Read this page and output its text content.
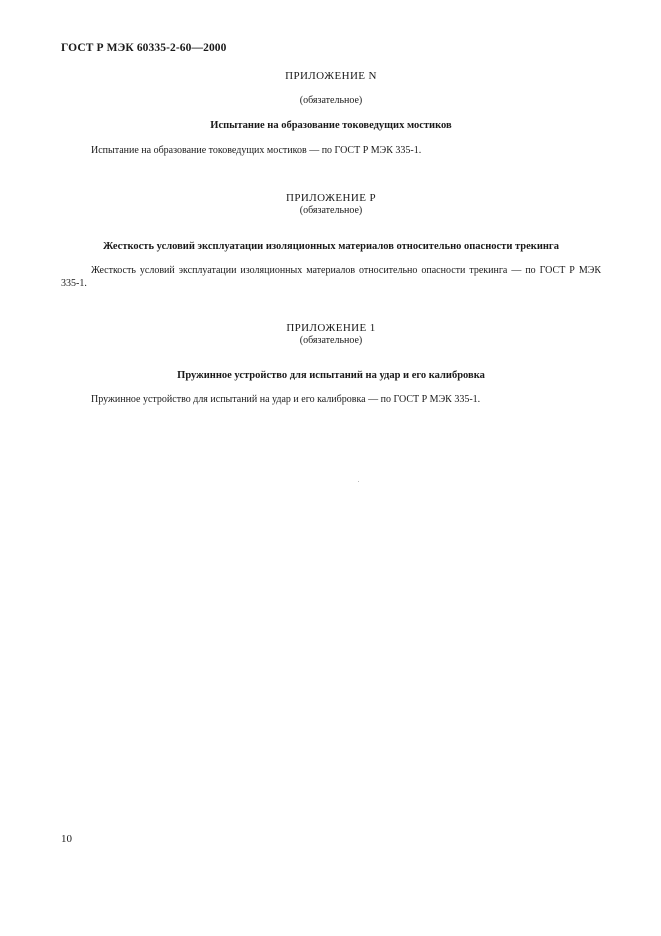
ГОСТ Р МЭК 60335-2-60—2000
ПРИЛОЖЕНИЕ N
(обязательное)
Испытание на образование токоведущих мостиков

Испытание на образование токоведущих мостиков — по ГОСТ Р МЭК 335-1.

ПРИЛОЖЕНИЕ Р
(обязательное)
Жесткость условий эксплуатации изоляционных материалов относительно опасности трекинга

Жесткость условий эксплуатации изоляционных материалов относительно опасности трекинга — по ГОСТ Р МЭК 335-1.

ПРИЛОЖЕНИЕ 1
(обязательное)
Пружинное устройство для испытаний на удар и его калибровка

Пружинное устройство для испытаний на удар и его калибровка — по ГОСТ Р МЭК 335-1.

10
